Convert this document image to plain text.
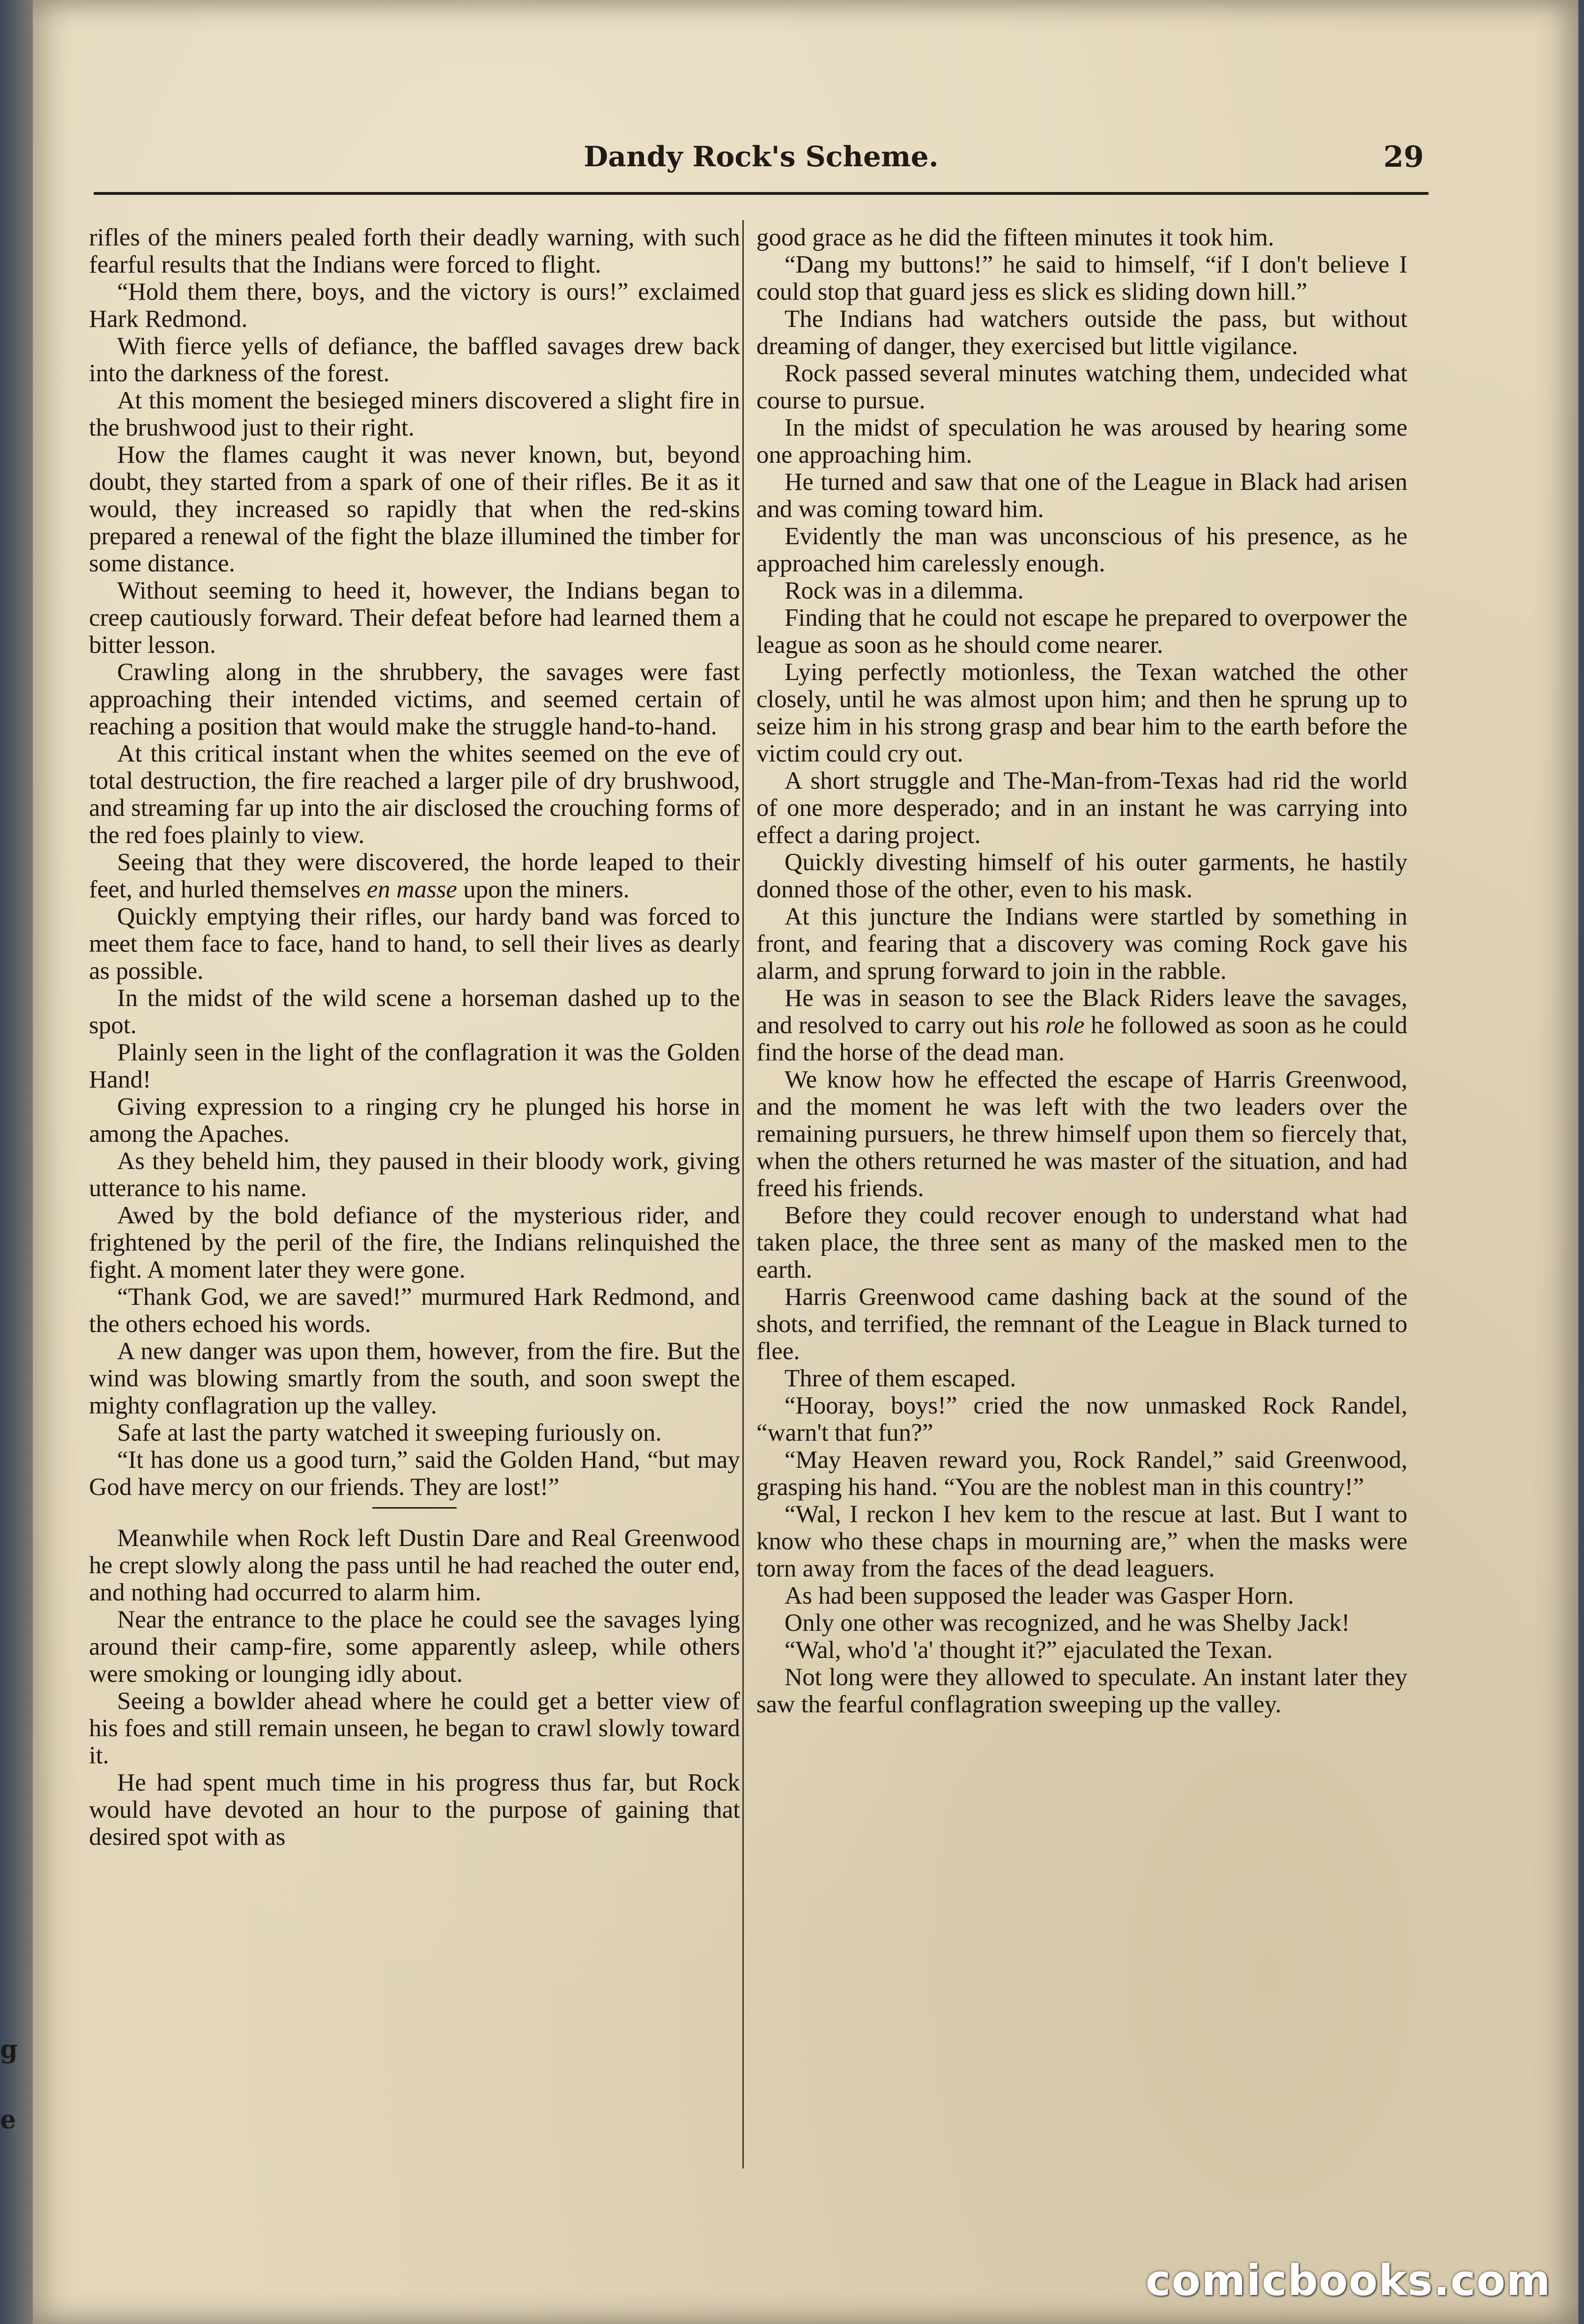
g
e
Dandy Rock's Scheme.	29

rifles of the miners pealed forth their deadly warning, with such fearful results that the Indians were forced to flight.

“Hold them there, boys, and the victory is ours!” exclaimed Hark Redmond.

With fierce yells of defiance, the baffled savages drew back into the darkness of the forest.

At this moment the besieged miners discovered a slight fire in the brushwood just to their right.

How the flames caught it was never known, but, beyond doubt, they started from a spark of one of their rifles. Be it as it would, they increased so rapidly that when the red-skins prepared a renewal of the fight the blaze illumined the timber for some distance.

Without seeming to heed it, however, the Indians began to creep cautiously forward. Their defeat before had learned them a bitter lesson.

Crawling along in the shrubbery, the savages were fast approaching their intended victims, and seemed certain of reaching a position that would make the struggle hand-to-hand.

At this critical instant when the whites seemed on the eve of total destruction, the fire reached a larger pile of dry brushwood, and streaming far up into the air disclosed the crouching forms of the red foes plainly to view.

Seeing that they were discovered, the horde leaped to their feet, and hurled themselves en masse upon the miners.

Quickly emptying their rifles, our hardy band was forced to meet them face to face, hand to hand, to sell their lives as dearly as possible.

In the midst of the wild scene a horseman dashed up to the spot.

Plainly seen in the light of the conflagration it was the Golden Hand!

Giving expression to a ringing cry he plunged his horse in among the Apaches.

As they beheld him, they paused in their bloody work, giving utterance to his name.

Awed by the bold defiance of the mysterious rider, and frightened by the peril of the fire, the Indians relinquished the fight. A moment later they were gone.

“Thank God, we are saved!” murmured Hark Redmond, and the others echoed his words.

A new danger was upon them, however, from the fire. But the wind was blowing smartly from the south, and soon swept the mighty conflagration up the valley.

Safe at last the party watched it sweeping furiously on.

“It has done us a good turn,” said the Golden Hand, “but may God have mercy on our friends. They are lost!”

Meanwhile when Rock left Dustin Dare and Real Greenwood he crept slowly along the pass until he had reached the outer end, and nothing had occurred to alarm him.

Near the entrance to the place he could see the savages lying around their camp-fire, some apparently asleep, while others were smoking or lounging idly about.

Seeing a bowlder ahead where he could get a better view of his foes and still remain unseen, he began to crawl slowly toward it.

He had spent much time in his progress thus far, but Rock would have devoted an hour to the purpose of gaining that desired spot with as

good grace as he did the fifteen minutes it took him.

“Dang my buttons!” he said to himself, “if I don't believe I could stop that guard jess es slick es sliding down hill.”

The Indians had watchers outside the pass, but without dreaming of danger, they exercised but little vigilance.

Rock passed several minutes watching them, undecided what course to pursue.

In the midst of speculation he was aroused by hearing some one approaching him.

He turned and saw that one of the League in Black had arisen and was coming toward him.

Evidently the man was unconscious of his presence, as he approached him carelessly enough.

Rock was in a dilemma.

Finding that he could not escape he prepared to overpower the league as soon as he should come nearer.

Lying perfectly motionless, the Texan watched the other closely, until he was almost upon him; and then he sprung up to seize him in his strong grasp and bear him to the earth before the victim could cry out.

A short struggle and The-Man-from-Texas had rid the world of one more desperado; and in an instant he was carrying into effect a daring project.

Quickly divesting himself of his outer garments, he hastily donned those of the other, even to his mask.

At this juncture the Indians were startled by something in front, and fearing that a discovery was coming Rock gave his alarm, and sprung forward to join in the rabble.

He was in season to see the Black Riders leave the savages, and resolved to carry out his role he followed as soon as he could find the horse of the dead man.

We know how he effected the escape of Harris Greenwood, and the moment he was left with the two leaders over the remaining pursuers, he threw himself upon them so fiercely that, when the others returned he was master of the situation, and had freed his friends.

Before they could recover enough to understand what had taken place, the three sent as many of the masked men to the earth.

Harris Greenwood came dashing back at the sound of the shots, and terrified, the remnant of the League in Black turned to flee.

Three of them escaped.

“Hooray, boys!” cried the now unmasked Rock Randel, “warn't that fun?”

“May Heaven reward you, Rock Randel,” said Greenwood, grasping his hand. “You are the noblest man in this country!”

“Wal, I reckon I hev kem to the rescue at last. But I want to know who these chaps in mourning are,” when the masks were torn away from the faces of the dead leaguers.

As had been supposed the leader was Gasper Horn.

Only one other was recognized, and he was Shelby Jack!

“Wal, who'd 'a' thought it?” ejaculated the Texan.

Not long were they allowed to speculate. An instant later they saw the fearful conflagration sweeping up the valley.

comicbooks.com
